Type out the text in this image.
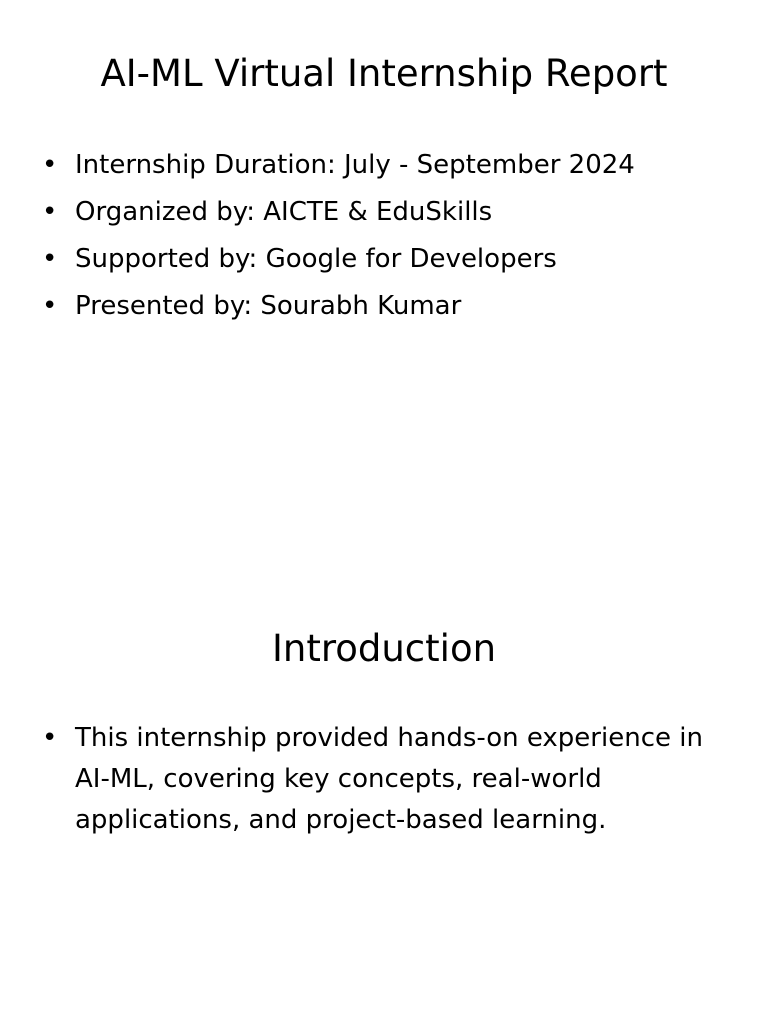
AI-ML Virtual Internship Report
• Internship Duration: July - September 2024
• Organized by: AICTE & EduSkills
• Supported by: Google for Developers
• Presented by: Sourabh Kumar
Introduction
• This internship provided hands-on experience in AI-ML, covering key concepts, real-world applications, and project-based learning.
